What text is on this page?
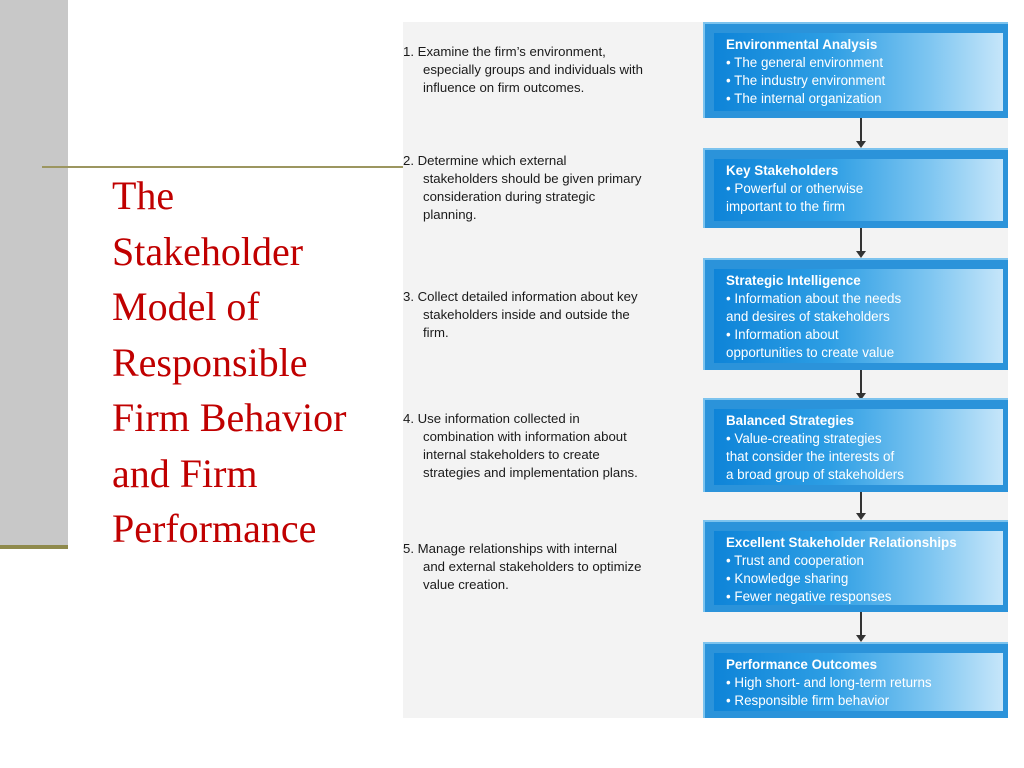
The
Stakeholder
Model of
Responsible
Firm Behavior
and Firm
Performance
1. Examine the firm’s environment,
especially groups and individuals with
influence on firm outcomes.
2. Determine which external
stakeholders should be given primary
consideration during strategic
planning.
3. Collect detailed information about key
stakeholders inside and outside the
firm.
4. Use information collected in
combination with information about
internal stakeholders to create
strategies and implementation plans.
5. Manage relationships with internal
and external stakeholders to optimize
value creation.
Environmental Analysis
• The general environment
• The industry environment
• The internal organization
Key Stakeholders
• Powerful or otherwise
important to the firm
Strategic Intelligence
• Information about the needs
and desires of stakeholders
• Information about
opportunities to create value
Balanced Strategies
• Value-creating strategies
that consider the interests of
a broad group of stakeholders
Excellent Stakeholder Relationships
• Trust and cooperation
• Knowledge sharing
• Fewer negative responses
Performance Outcomes
• High short- and long-term returns
• Responsible firm behavior
